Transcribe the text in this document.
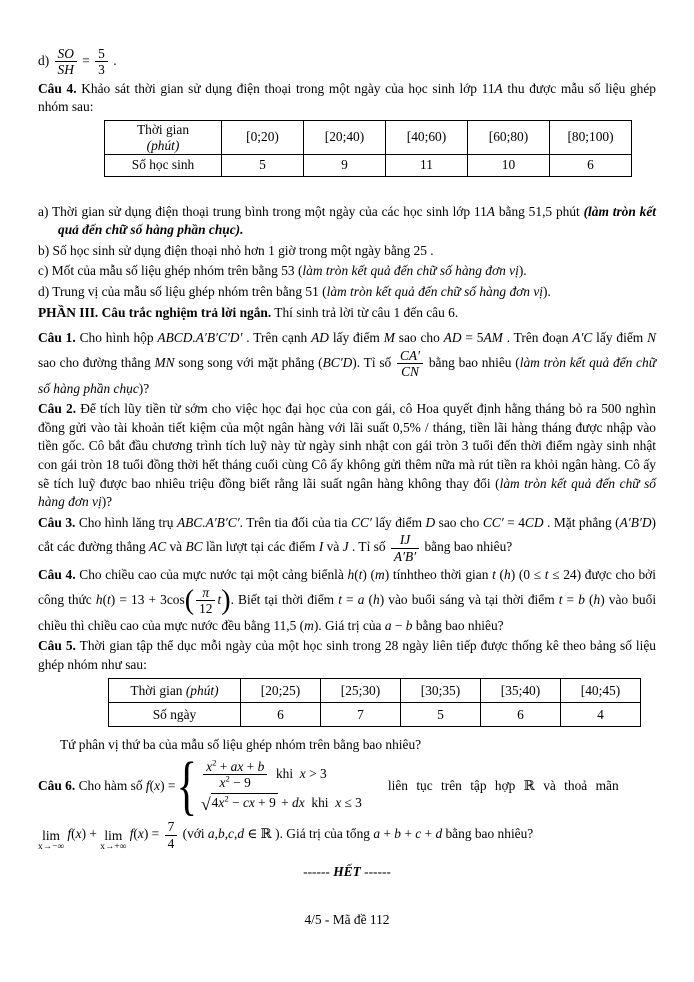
$d) \frac{SO}{SH} = \frac{5}{3}$ .

Câu 4. Khảo sát thời gian sử dụng điện thoại trong một ngày của học sinh lớp 11A thu được mẫu số liệu ghép nhóm sau:

Thời gian
(phút)	[0;20)	[20;40)	[40;60)	[60;80)	[80;100)
Số học sinh	5	9	11	10	6

a) Thời gian sử dụng điện thoại trung bình trong một ngày của các học sinh lớp 11A bằng 51,5 phút (làm tròn kết quả đến chữ số hàng phần chục).

b) Số học sinh sử dụng điện thoại nhỏ hơn 1 giờ trong một ngày bằng 25 .

c) Mốt của mẫu số liệu ghép nhóm trên bằng 53 (làm tròn kết quả đến chữ số hàng đơn vị).

d) Trung vị của mẫu số liệu ghép nhóm trên bằng 51 (làm tròn kết quả đến chữ số hàng đơn vị).

PHẦN III. Câu trắc nghiệm trả lời ngắn. Thí sinh trả lời từ câu 1 đến câu 6.

Câu 1. Cho hình hộp ABCD.A′B′C′D′ . Trên cạnh AD lấy điểm M sao cho AD = 5AM . Trên đoạn A′C lấy điểm N sao cho đường thẳng MN song song với mặt phẳng (BC′D). Tỉ số $\frac{CA'}{CN}$ bằng bao nhiêu (làm tròn kết quả đến chữ số hàng phần chục)?

Câu 2. Để tích lũy tiền từ sớm cho việc học đại học của con gái, cô Hoa quyết định hằng tháng bỏ ra 500 nghìn đồng gửi vào tài khoản tiết kiệm của một ngân hàng với lãi suất 0,5% / tháng, tiền lãi hàng tháng được nhập vào tiền gốc. Cô bắt đầu chương trình tích luỹ này từ ngày sinh nhật con gái tròn 3 tuổi đến thời điểm ngày sinh nhật con gái tròn 18 tuổi đồng thời hết tháng cuối cùng Cô ấy không gửi thêm nữa mà rút tiền ra khỏi ngân hàng. Cô ấy sẽ tích luỹ được bao nhiêu triệu đồng biết rằng lãi suất ngân hàng không thay đổi (làm tròn kết quả đến chữ số hàng đơn vị)?

Câu 3. Cho hình lăng trụ ABC.A′B′C′. Trên tia đối của tia CC′ lấy điểm D sao cho CC′ = 4CD . Mặt phẳng (A′B′D) cắt các đường thẳng AC và BC lần lượt tại các điểm I và J . Tỉ số $\frac{IJ}{A'B'}$ bằng bao nhiêu?

Câu 4. Cho chiều cao của mực nước tại một cảng biểnlà h(t) (m) tínhtheo thời gian t (h) (0 ≤ t ≤ 24) được cho bởi công thức $h(t) = 13 + 3\cos( \frac{\pi}{12} t)$. Biết tại thời điểm t = a (h) vào buổi sáng và tại thời điểm t = b (h) vào buổi chiều thì chiều cao của mực nước đều bằng 11,5 (m). Giá trị của a − b bằng bao nhiêu?

Câu 5. Thời gian tập thể dục mỗi ngày của một học sinh trong 28 ngày liên tiếp được thống kê theo bảng số liệu ghép nhóm như sau:

Thời gian (phút)	[20;25)	[25;30)	[30;35)	[35;40)	[40;45)
Số ngày	6	7	5	6	4

Tứ phân vị thứ ba của mẫu số liệu ghép nhóm trên bằng bao nhiêu?

Câu 6. Cho hàm số f(x) = { $\frac{x^2 + ax + b}{x^2 - 9}$ khi  x > 3
$√4x^2$ − cx + 9 + dx  khi  x ≤ 3
liên tục trên tập hợp ℝ và thoả mãn

lim
x→−∞
f(x) + lim
x→+∞
$f(x) = \frac{7}{4}$ (với a,b,c,d ∈ ℝ ). Giá trị của tổng a + b + c + d bằng bao nhiêu?

------ HẾT ------

4/5 - Mã đề 112
